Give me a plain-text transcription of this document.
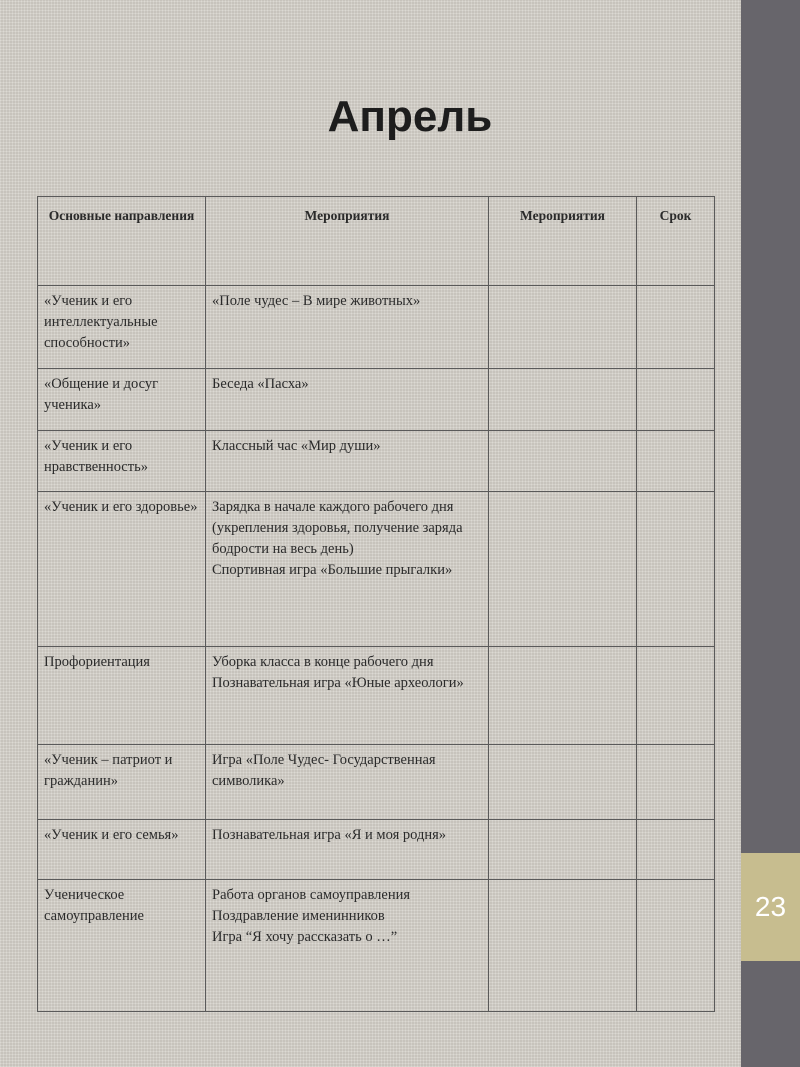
23
Апрель
Основные направления	Мероприятия	Мероприятия	Срок
«Ученик и его интеллектуальные способности»	«Поле чудес – В мире животных»		

«Общение и досуг ученика»	Беседа «Пасха»		

«Ученик и его нравственность»	Классный час «Мир души»		

«Ученик и его здоровье»	Зарядка в начале каждого рабочего дня (укрепления здоровья, получение заряда бодрости на весь день)
Спортивная игра «Большие прыгалки»		

Профориентация	Уборка класса в конце рабочего дня
Познавательная игра «Юные археологи»		

«Ученик – патриот и гражданин»	Игра «Поле Чудес- Государственная символика»		

«Ученик и его семья»	Познавательная игра «Я и моя родня»		

Ученическое самоуправление	Работа органов самоуправления
Поздравление именинников
Игра “Я хочу рассказать о …”		
